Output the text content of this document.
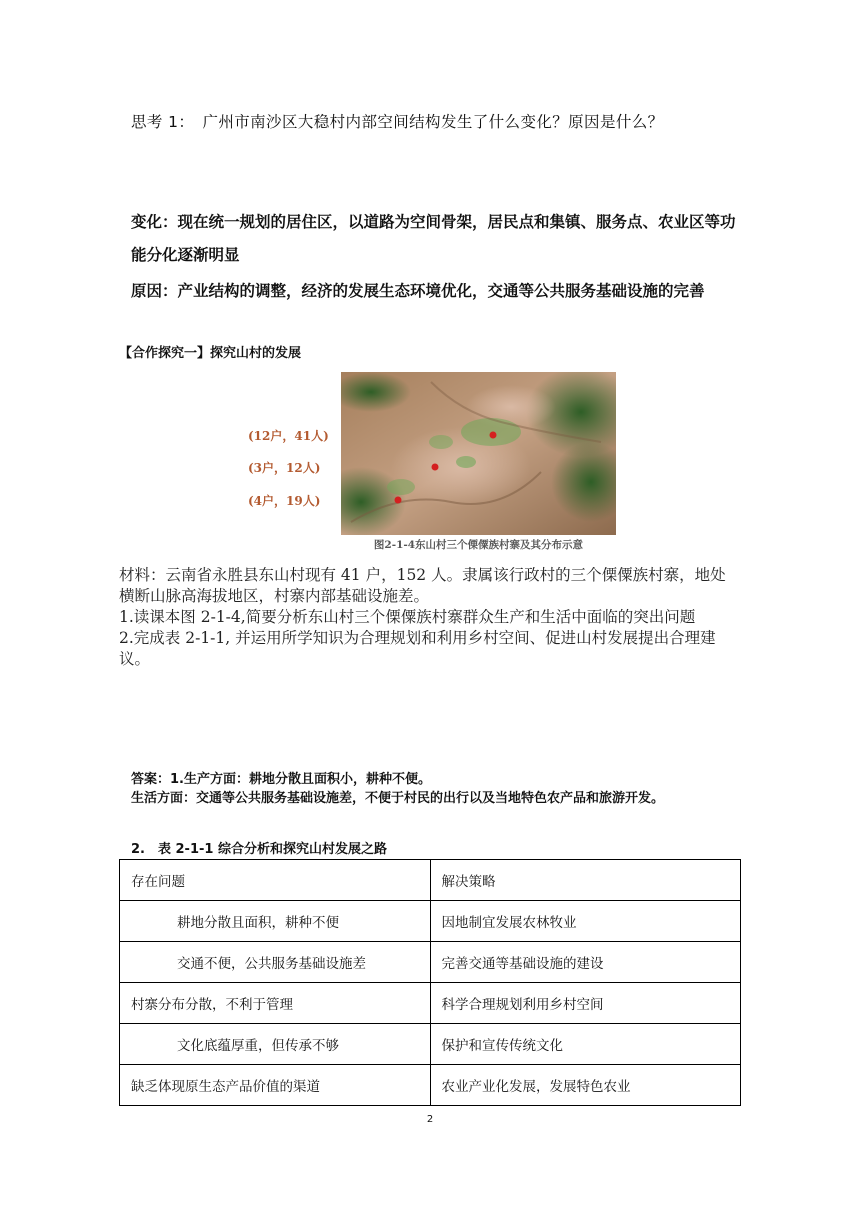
思考 1：　广州市南沙区大稳村内部空间结构发生了什么变化？原因是什么？
变化：现在统一规划的居住区，以道路为空间骨架，居民点和集镇、服务点、农业区等功能分化逐渐明显
原因：产业结构的调整，经济的发展生态环境优化，交通等公共服务基础设施的完善
【合作探究一】探究山村的发展
(12户，41人)
(3户，12人)
(4户，19人)
图2-1-4东山村三个傈僳族村寨及其分布示意
材料：云南省永胜县东山村现有 41 户，152 人。隶属该行政村的三个傈僳族村寨，地处横断山脉高海拔地区，村寨内部基础设施差。
1.读课本图 2-1-4,简要分析东山村三个傈僳族村寨群众生产和生活中面临的突出问题
2.完成表 2-1-1, 并运用所学知识为合理规划和利用乡村空间、促进山村发展提出合理建议。
答案：1.生产方面：耕地分散且面积小，耕种不便。
生活方面：交通等公共服务基础设施差，不便于村民的出行以及当地特色农产品和旅游开发。
2.　表 2-1-1 综合分析和探究山村发展之路
存在问题	解决策略
耕地分散且面积，耕种不便	因地制宜发展农林牧业
交通不便，公共服务基础设施差	完善交通等基础设施的建设
村寨分布分散，不利于管理	科学合理规划利用乡村空间
文化底蕴厚重，但传承不够	保护和宣传传统文化
缺乏体现原生态产品价值的渠道	农业产业化发展，发展特色农业
2
